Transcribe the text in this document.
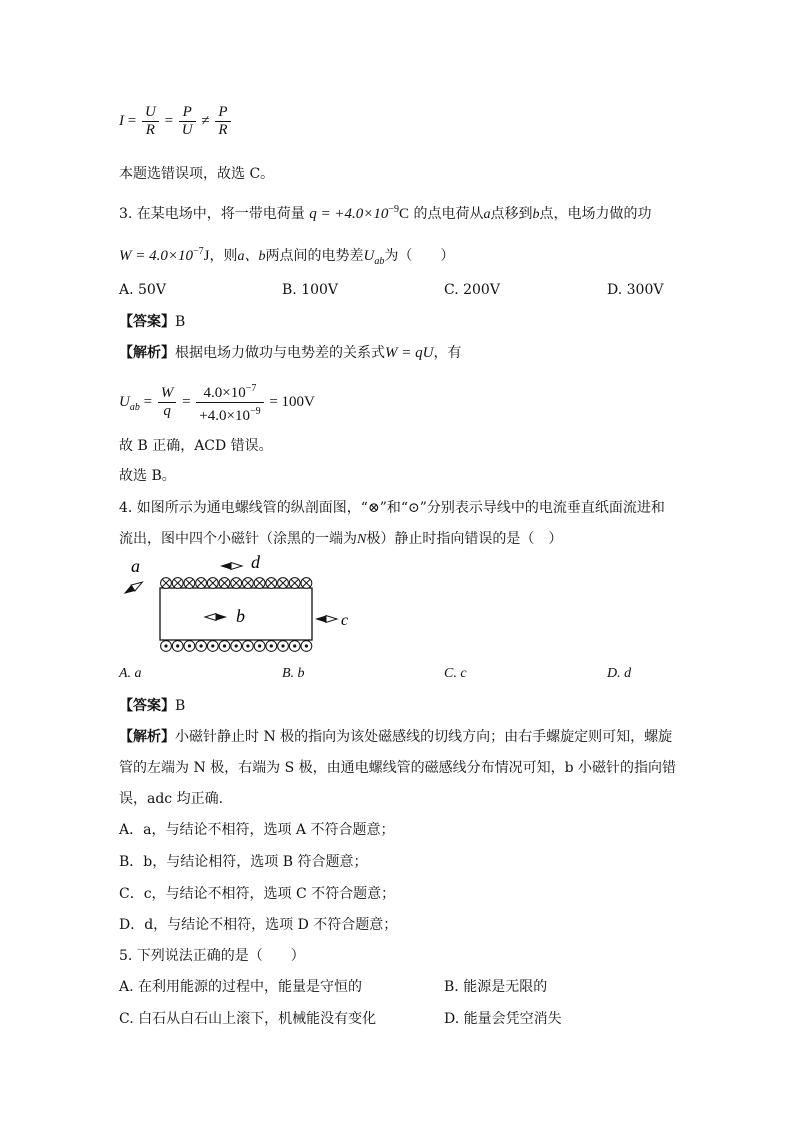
$I = \frac{U}{R} = \frac{P}{U} \ne \frac{P}{R}$
本题选错误项，故选 C。
3. 在某电场中，将一带电荷量 $q = +4.0\times 10^{-9}C$ 的点电荷从a点移到b点，电场力做的功
$W = 4.0\times 10^{-7}J$，则a、b两点间的电势差$U_{ab}$为（　　）
A. 50V	B. 100V	C. 200V	D. 300V
【答案】B
【解析】根据电场力做功与电势差的关系式W = qU，有
$U_{ab} = \frac{W}{q} = \frac{4.0\times 10^{-7}}{+4.0\times 10^{-9}} = 100V$
故 B 正确，ACD 错误。
故选 B。
4. 如图所示为通电螺线管的纵剖面图，“⊗”和“⊙”分别表示导线中的电流垂直纸面流进和
流出，图中四个小磁针（涂黑的一端为N极）静止时指向错误的是（　）
a	d
b	c
A. a	B. b	C. c	D. d
【答案】B
【解析】小磁针静止时 N 极的指向为该处磁感线的切线方向；由右手螺旋定则可知，螺旋
管的左端为 N 极，右端为 S 极，由通电螺线管的磁感线分布情况可知，b 小磁针的指向错
误，adc 均正确.
A．a，与结论不相符，选项 A 不符合题意；
B．b，与结论相符，选项 B 符合题意；
C．c，与结论不相符，选项 C 不符合题意；
D．d，与结论不相符，选项 D 不符合题意；
5. 下列说法正确的是（　　）
A. 在利用能源的过程中，能量是守恒的	B. 能源是无限的
C. 白石从白石山上滚下，机械能没有变化	D. 能量会凭空消失
